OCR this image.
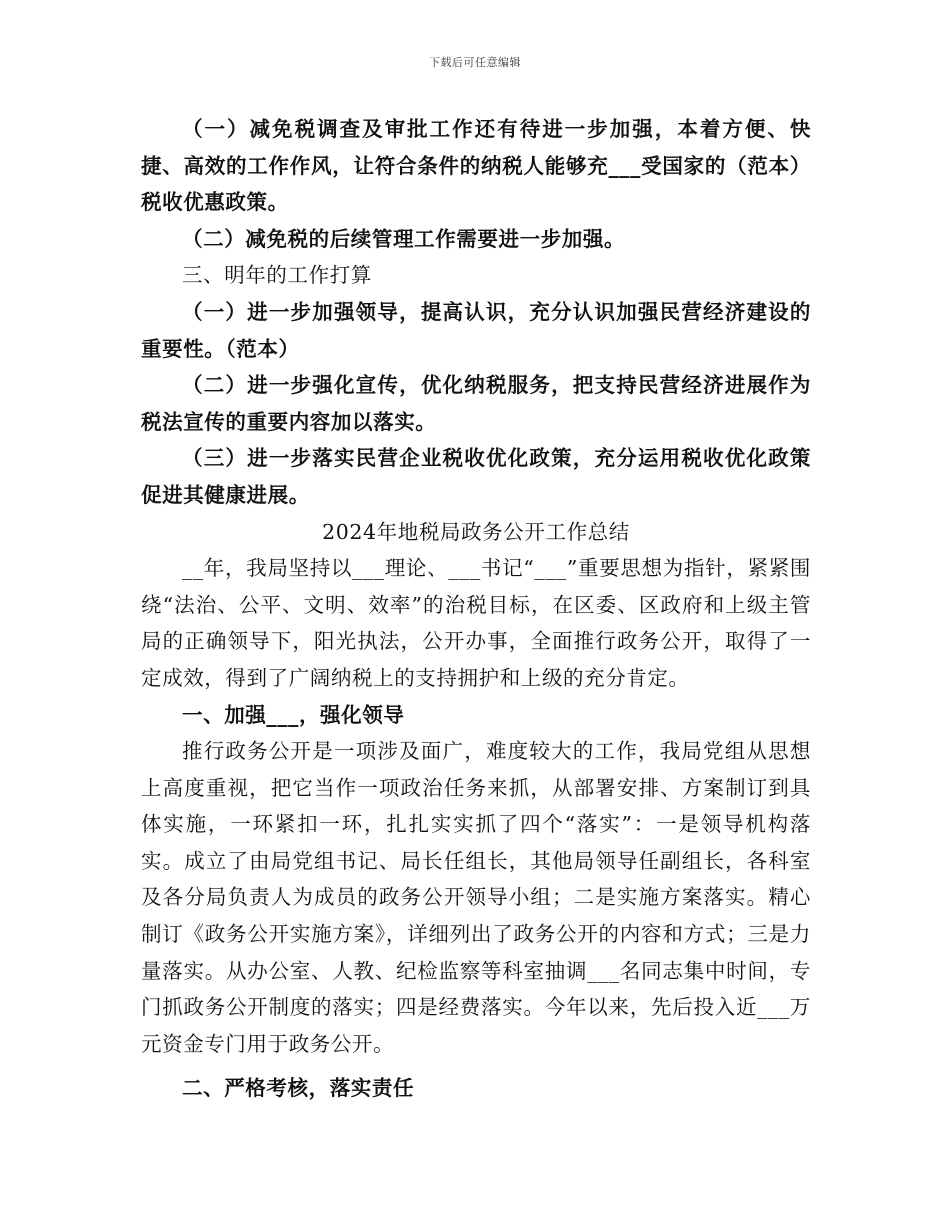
下载后可任意编辑

（一）减免税调查及审批工作还有待进一步加强，本着方便、快捷、高效的工作作风，让符合条件的纳税人能够充___受国家的（范本）税收优惠政策。

（二）减免税的后续管理工作需要进一步加强。

三、明年的工作打算

（一）进一步加强领导，提高认识，充分认识加强民营经济建设的重要性。（范本）

（二）进一步强化宣传，优化纳税服务，把支持民营经济进展作为税法宣传的重要内容加以落实。

（三）进一步落实民营企业税收优化政策，充分运用税收优化政策促进其健康进展。

2024年地税局政务公开工作总结

__年，我局坚持以___理论、___书记“___”重要思想为指针，紧紧围绕“法治、公平、文明、效率”的治税目标，在区委、区政府和上级主管局的正确领导下，阳光执法，公开办事，全面推行政务公开，取得了一定成效，得到了广阔纳税上的支持拥护和上级的充分肯定。

一、加强___，强化领导

推行政务公开是一项涉及面广，难度较大的工作，我局党组从思想上高度重视，把它当作一项政治任务来抓，从部署安排、方案制订到具体实施，一环紧扣一环，扎扎实实抓了四个“落实”：一是领导机构落实。成立了由局党组书记、局长任组长，其他局领导任副组长，各科室及各分局负责人为成员的政务公开领导小组；二是实施方案落实。精心制订《政务公开实施方案》，详细列出了政务公开的内容和方式；三是力量落实。从办公室、人教、纪检监察等科室抽调___名同志集中时间，专门抓政务公开制度的落实；四是经费落实。今年以来，先后投入近___万元资金专门用于政务公开。

二、严格考核，落实责任
